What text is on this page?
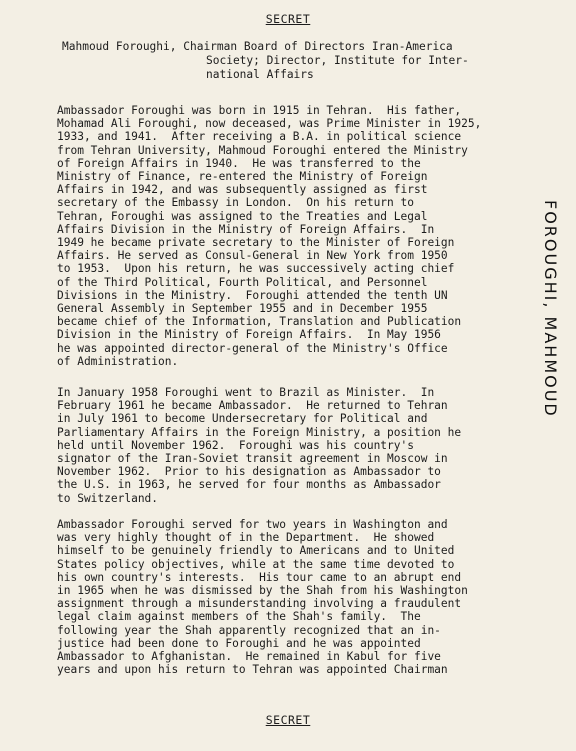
SECRET
Mahmoud Foroughi, Chairman Board of Directors Iran-America
Society; Director, Institute for Inter-
national Affairs
Ambassador Foroughi was born in 1915 in Tehran.  His father,
Mohamad Ali Foroughi, now deceased, was Prime Minister in 1925,
1933, and 1941.  After receiving a B.A. in political science
from Tehran University, Mahmoud Foroughi entered the Ministry
of Foreign Affairs in 1940.  He was transferred to the
Ministry of Finance, re-entered the Ministry of Foreign
Affairs in 1942, and was subsequently assigned as first
secretary of the Embassy in London.  On his return to
Tehran, Foroughi was assigned to the Treaties and Legal
Affairs Division in the Ministry of Foreign Affairs.  In
1949 he became private secretary to the Minister of Foreign
Affairs. He served as Consul-General in New York from 1950
to 1953.  Upon his return, he was successively acting chief
of the Third Political, Fourth Political, and Personnel
Divisions in the Ministry.  Foroughi attended the tenth UN
General Assembly in September 1955 and in December 1955
became chief of the Information, Translation and Publication
Division in the Ministry of Foreign Affairs.  In May 1956
he was appointed director-general of the Ministry's Office
of Administration.
In January 1958 Foroughi went to Brazil as Minister.  In
February 1961 he became Ambassador.  He returned to Tehran
in July 1961 to become Undersecretary for Political and
Parliamentary Affairs in the Foreign Ministry, a position he
held until November 1962.  Foroughi was his country's
signator of the Iran-Soviet transit agreement in Moscow in
November 1962.  Prior to his designation as Ambassador to
the U.S. in 1963, he served for four months as Ambassador
to Switzerland.
Ambassador Foroughi served for two years in Washington and
was very highly thought of in the Department.  He showed
himself to be genuinely friendly to Americans and to United
States policy objectives, while at the same time devoted to
his own country's interests.  His tour came to an abrupt end
in 1965 when he was dismissed by the Shah from his Washington
assignment through a misunderstanding involving a fraudulent
legal claim against members of the Shah's family.  The
following year the Shah apparently recognized that an in-
justice had been done to Foroughi and he was appointed
Ambassador to Afghanistan.  He remained in Kabul for five
years and upon his return to Tehran was appointed Chairman
FOROUGHI, MAHMOUD
SECRET
